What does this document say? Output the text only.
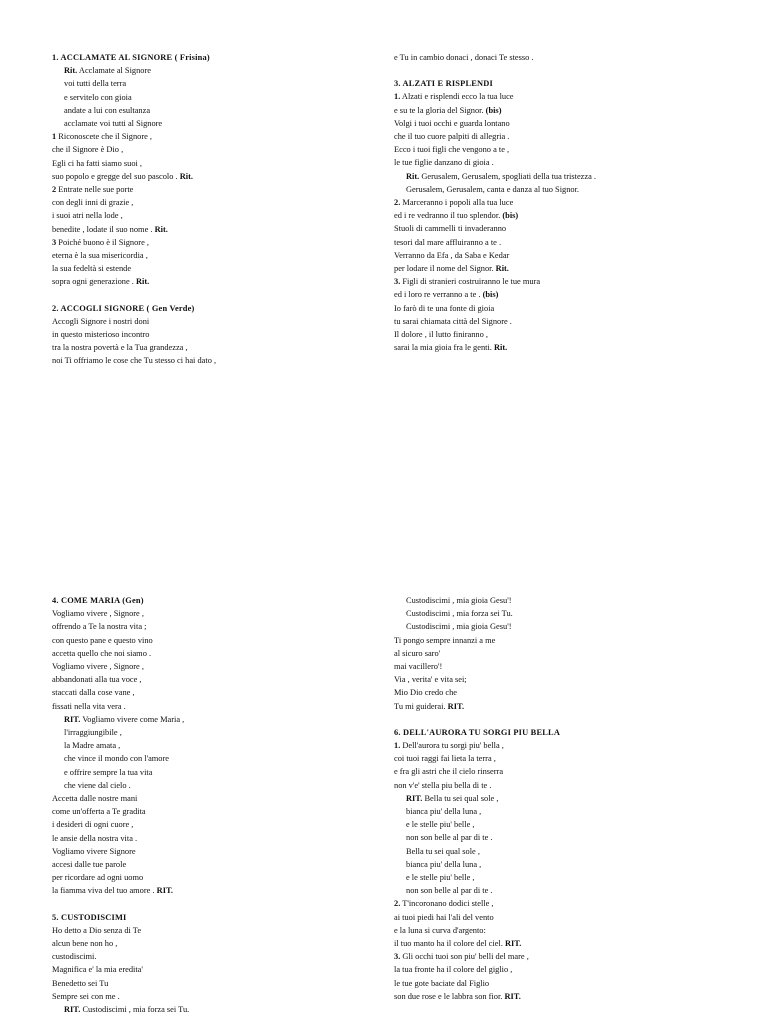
1. ACCLAMATE AL SIGNORE ( Frisina)
Rit. Acclamate al Signore
voi tutti della terra
e servitelo con gioia
andate a lui con esultanza
acclamate voi tutti al Signore
1 Riconoscete che il Signore ,
che il Signore è Dio ,
Egli ci ha fatti siamo suoi ,
suo popolo e gregge del suo pascolo . Rit.
2 Entrate nelle sue porte
con degli inni di grazie ,
i suoi atri nella lode ,
benedite , lodate il suo nome . Rit.
3 Poiché buono è il Signore ,
eterna è la sua misericordia ,
la sua fedeltà si estende
sopra ogni generazione . Rit.
2. ACCOGLI SIGNORE ( Gen Verde)
Accogli Signore i nostri doni
in questo misterioso incontro
tra la nostra povertà e la Tua grandezza ,
noi Ti offriamo le cose che Tu stesso ci hai dato ,
e Tu in cambio donaci , donaci Te stesso .
3. ALZATI E RISPLENDI
1. Alzati e risplendi ecco la tua luce
e su te la gloria del Signor. (bis)
Volgi i tuoi occhi e guarda lontano
che il tuo cuore palpiti di allegria .
Ecco i tuoi figli che vengono a te ,
le tue figlie danzano di gioia .
Rit. Gerusalem, Gerusalem, spogliati della tua tristezza .
Gerusalem, Gerusalem, canta e danza al tuo Signor.
2. Marceranno i popoli alla tua luce
ed i re vedranno il tuo splendor. (bis)
Stuoli di cammelli ti invaderanno
tesori dal mare affluiranno a te .
Verranno da Efa , da Saba e Kedar
per lodare il nome del Signor. Rit.
3. Figli di stranieri costruiranno le tue mura
ed i loro re verranno a te . (bis)
Io farò di te una fonte di gioia
tu sarai chiamata città del Signore .
Il dolore , il lutto finiranno ,
sarai la mia gioia fra le genti. Rit.
4. COME MARIA (Gen)
Vogliamo vivere , Signore ,
offrendo a Te la nostra vita ;
con questo pane e questo vino
accetta quello che noi siamo .
Vogliamo vivere , Signore ,
abbandonati alla tua voce ,
staccati dalla cose vane ,
fissati nella vita vera .
RIT. Vogliamo vivere come Maria ,
l'irraggiungibile ,
la Madre amata ,
che vince il mondo con l'amore
e offrire sempre la tua vita
che viene dal cielo .
Accetta dalle nostre mani
come un'offerta a Te gradita
i desideri di ogni cuore ,
le ansie della nostra vita .
Vogliamo vivere Signore
accesi dalle tue parole
per ricordare ad ogni uomo
la fiamma viva del tuo amore . RIT.
5. CUSTODISCIMI
Ho detto a Dio senza di Te
alcun bene non ho ,
custodiscimi.
Magnifica e' la mia eredita'
Benedetto sei Tu
Sempre sei con me .
RIT. Custodiscimi , mia forza sei Tu.
Custodiscimi , mia gioia Gesu'!
Custodiscimi , mia forza sei Tu.
Custodiscimi , mia gioia Gesu'!
Ti pongo sempre innanzi a me
al sicuro saro'
mai vacillero'!
Via , verita' e vita sei;
Mio Dio credo che
Tu mi guiderai. RIT.
6. DELL'AURORA TU SORGI PIU BELLA
1. Dell'aurora tu sorgi piu' bella ,
coi tuoi raggi fai lieta la terra ,
e fra gli astri che il cielo rinserra
non v'e' stella piu bella di te .
RIT. Bella tu sei qual sole ,
bianca piu' della luna ,
e le stelle piu' belle ,
non son belle al par di te .
Bella tu sei qual sole ,
bianca piu' della luna ,
e le stelle piu' belle ,
non son belle al par di te .
2. T'incoronano dodici stelle ,
ai tuoi piedi hai l'ali del vento
e la luna si curva d'argento:
il tuo manto ha il colore del ciel. RIT.
3. Gli occhi tuoi son piu' belli del mare ,
la tua fronte ha il colore del giglio ,
le tue gote baciate dal Figlio
son due rose e le labbra son fior. RIT.
